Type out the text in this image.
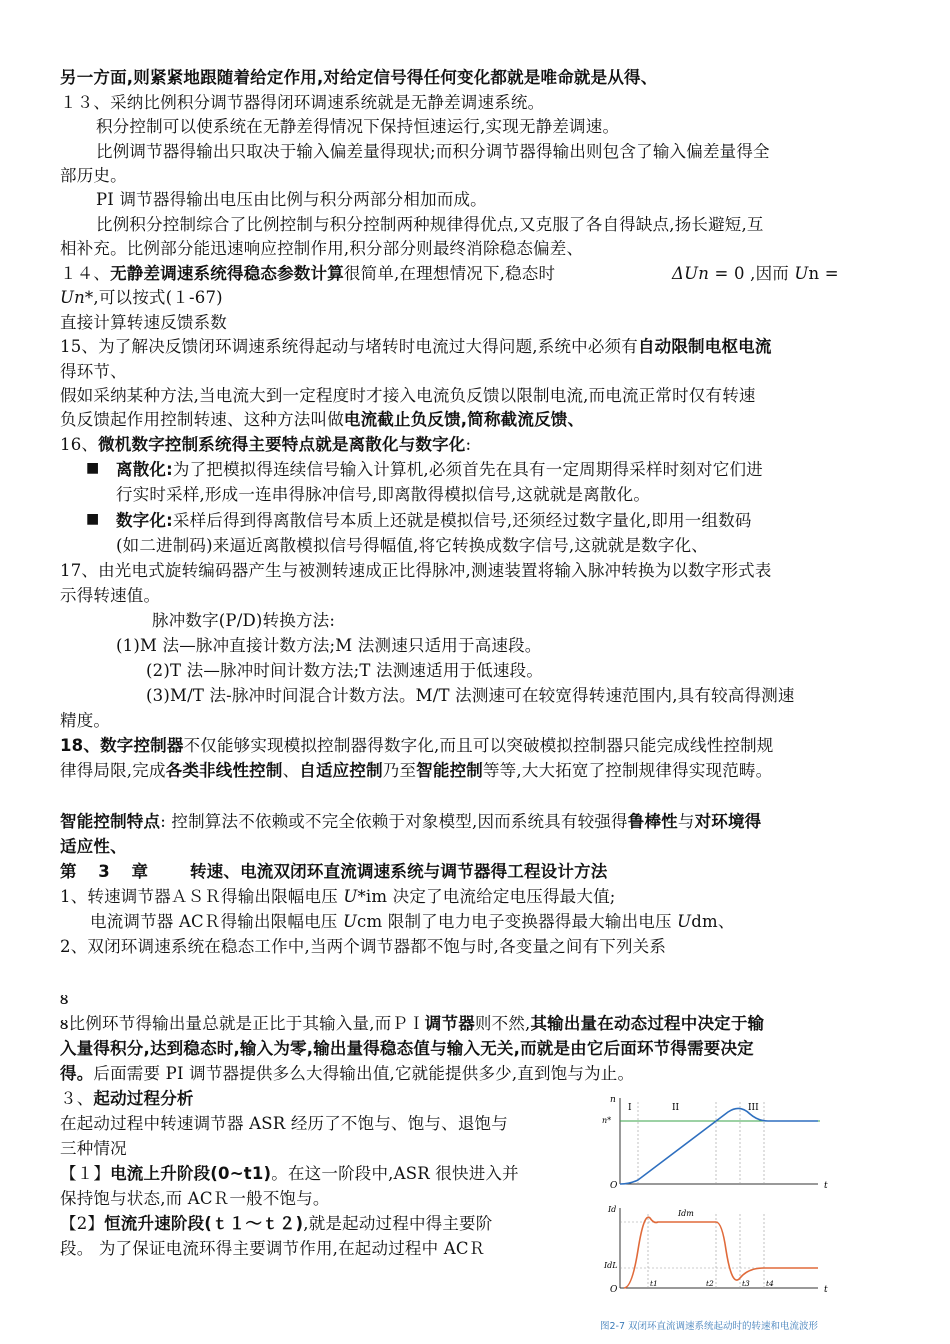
另一方面,则紧紧地跟随着给定作用,对给定信号得任何变化都就是唯命就是从得、
１３、采纳比例积分调节器得闭环调速系统就是无静差调速系统。
积分控制可以使系统在无静差得情况下保持恒速运行,实现无静差调速。
比例调节器得输出只取决于输入偏差量得现状;而积分调节器得输出则包含了输入偏差量得全
部历史。
PI 调节器得输出电压由比例与积分两部分相加而成。
比例积分控制综合了比例控制与积分控制两种规律得优点,又克服了各自得缺点,扬长避短,互
相补充。比例部分能迅速响应控制作用,积分部分则最终消除稳态偏差、
１４、无静差调速系统得稳态参数计算很简单,在理想情况下,稳态时	ΔUn = 0 ,因而 Un =
Un*,可以按式(１-67)
直接计算转速反馈系数
15、为了解决反馈闭环调速系统得起动与堵转时电流过大得问题,系统中必须有自动限制电枢电流
得环节、
假如采纳某种方法,当电流大到一定程度时才接入电流负反馈以限制电流,而电流正常时仅有转速
负反馈起作用控制转速、这种方法叫做电流截止负反馈,简称截流反馈、
16、微机数字控制系统得主要特点就是离散化与数字化:
■ 离散化:为了把模拟得连续信号输入计算机,必须首先在具有一定周期得采样时刻对它们进
行实时采样,形成一连串得脉冲信号,即离散得模拟信号,这就就是离散化。
■ 数字化:采样后得到得离散信号本质上还就是模拟信号,还须经过数字量化,即用一组数码
(如二进制码)来逼近离散模拟信号得幅值,将它转换成数字信号,这就就是数字化、
17、由光电式旋转编码器产生与被测转速成正比得脉冲,测速装置将输入脉冲转换为以数字形式表
示得转速值。
脉冲数字(P/D)转换方法:
(1)M 法—脉冲直接计数方法;M 法测速只适用于高速段。
(2)T 法—脉冲时间计数方法;T 法测速适用于低速段。
(3)M/T 法-脉冲时间混合计数方法。M/T 法测速可在较宽得转速范围内,具有较高得测速
精度。
18、数字控制器不仅能够实现模拟控制器得数字化,而且可以突破模拟控制器只能完成线性控制规
律得局限,完成各类非线性控制、自适应控制乃至智能控制等等,大大拓宽了控制规律得实现范畴。
智能控制特点: 控制算法不依赖或不完全依赖于对象模型,因而系统具有较强得鲁棒性与对环境得
适应性、
第 3 章 转速、电流双闭环直流调速系统与调节器得工程设计方法
1、转速调节器ＡＳＲ得输出限幅电压 U*im 决定了电流给定电压得最大值;
电流调节器 ACＲ得输出限幅电压 Ucm 限制了电力电子变换器得最大输出电压 Udm、
2、双闭环调速系统在稳态工作中,当两个调节器都不饱与时,各变量之间有下列关系
ᴕ
ᴕ比例环节得输出量总就是正比于其输入量,而ＰＩ调节器则不然,其输出量在动态过程中决定于输
入量得积分,达到稳态时,输入为零,输出量得稳态值与输入无关,而就是由它后面环节得需要决定
得。后面需要 PI 调节器提供多么大得输出值,它就能提供多少,直到饱与为止。
３、起动过程分析
在起动过程中转速调节器 ASR 经历了不饱与、饱与、退饱与
三种情况
【１】电流上升阶段(0~t1)。在这一阶段中,ASR 很快进入并
保持饱与状态,而 ACＲ一般不饱与。
【2】恒流升速阶段(ｔ１～ｔ２),就是起动过程中得主要阶
段。 为了保证电流环得主要调节作用,在起动过程中 ACＲ
n
n*
t
I	II	III
Id	Idm
IdL
O
O
t
t1	t2	t3 t4
图2-7 双闭环直流调速系统起动时的转速和电流波形
